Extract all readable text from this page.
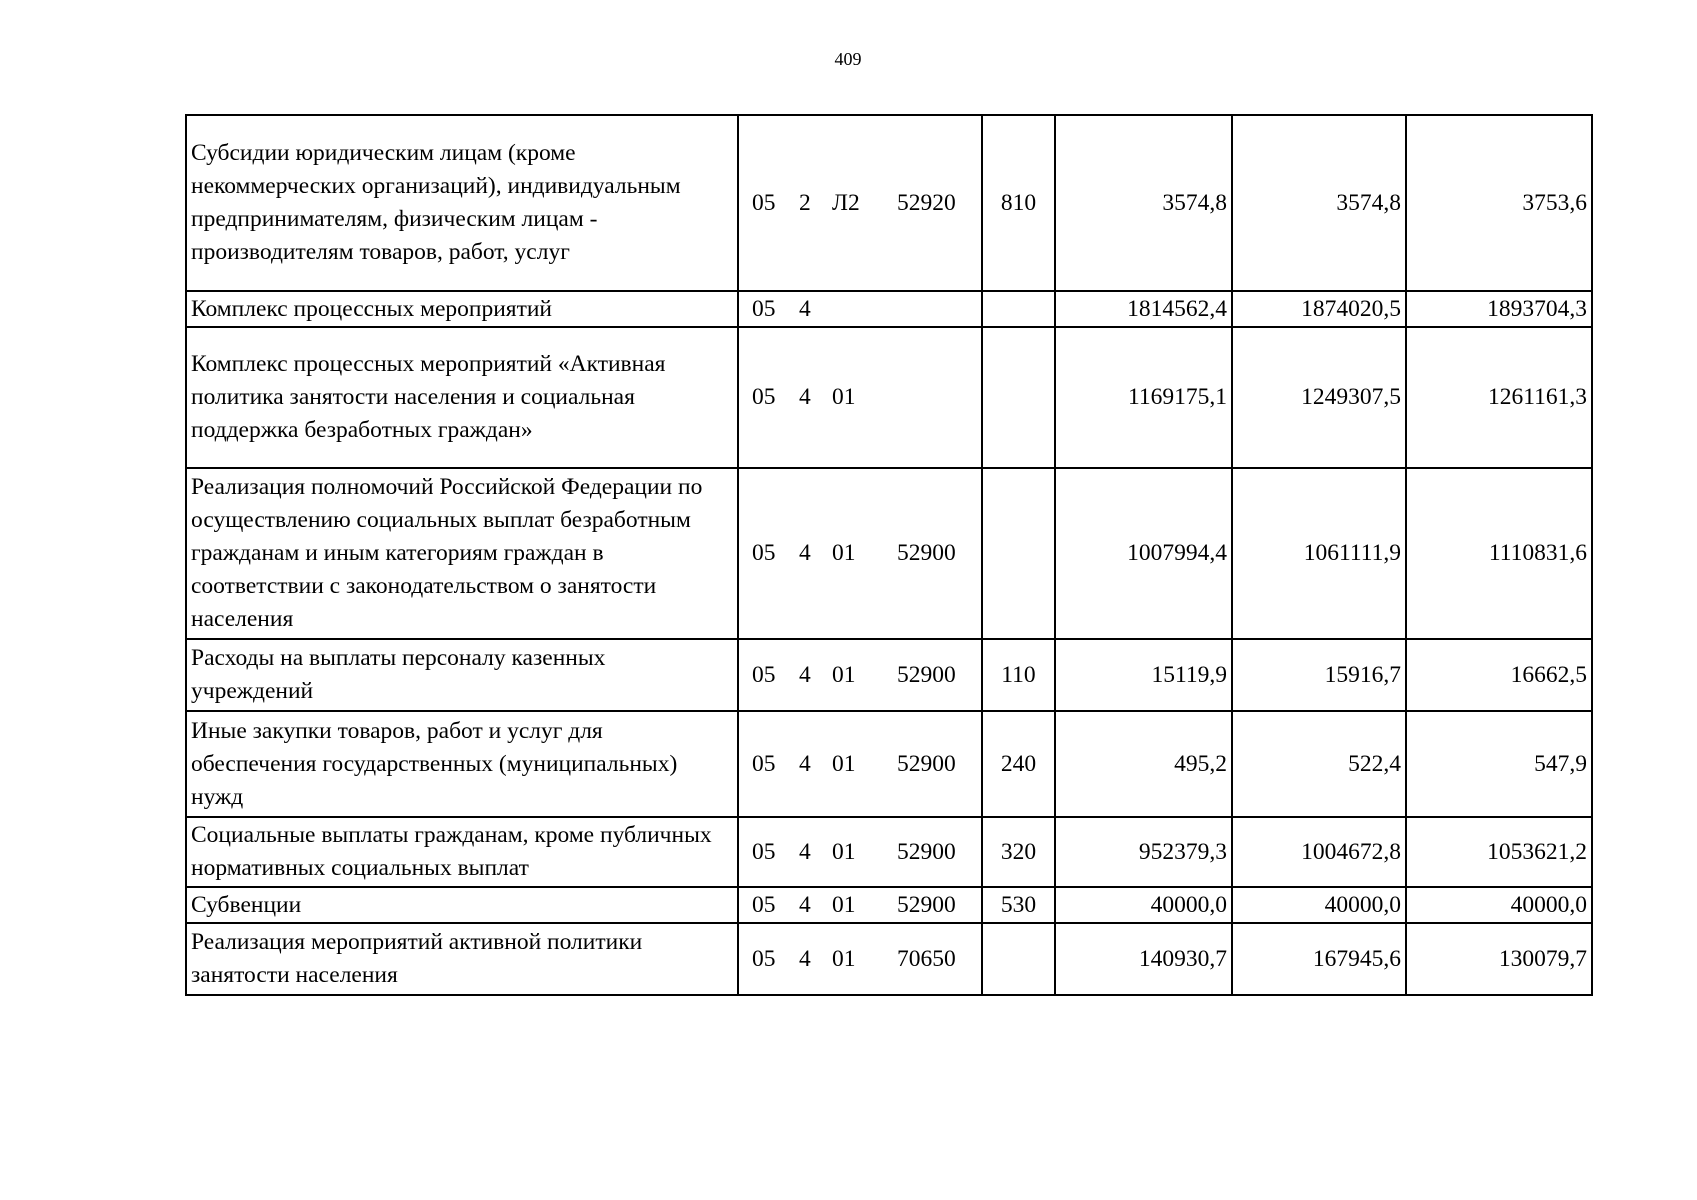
409
Субсидии юридическим лицам (кроме некоммерческих организаций), индивидуальным предпринимателям, физическим лицам - производителям товаров, работ, услуг	05 2 Л2 52920	810	3574,8	3574,8	3753,6
Комплекс процессных мероприятий	05 4		1814562,4	1874020,5	1893704,3
Комплекс процессных мероприятий «Активная политика занятости населения и социальная поддержка безработных граждан»	05 4 01		1169175,1	1249307,5	1261161,3
Реализация полномочий Российской Федерации по осуществлению социальных выплат безработным гражданам и иным категориям граждан в соответствии с законодательством о занятости населения	05 4 01 52900		1007994,4	1061111,9	1110831,6
Расходы на выплаты персоналу казенных учреждений	05 4 01 52900	110	15119,9	15916,7	16662,5
Иные закупки товаров, работ и услуг для обеспечения государственных (муниципальных) нужд	05 4 01 52900	240	495,2	522,4	547,9
Социальные выплаты гражданам, кроме публичных нормативных социальных выплат	05 4 01 52900	320	952379,3	1004672,8	1053621,2
Субвенции	05 4 01 52900	530	40000,0	40000,0	40000,0
Реализация мероприятий активной политики занятости населения	05 4 01 70650		140930,7	167945,6	130079,7
